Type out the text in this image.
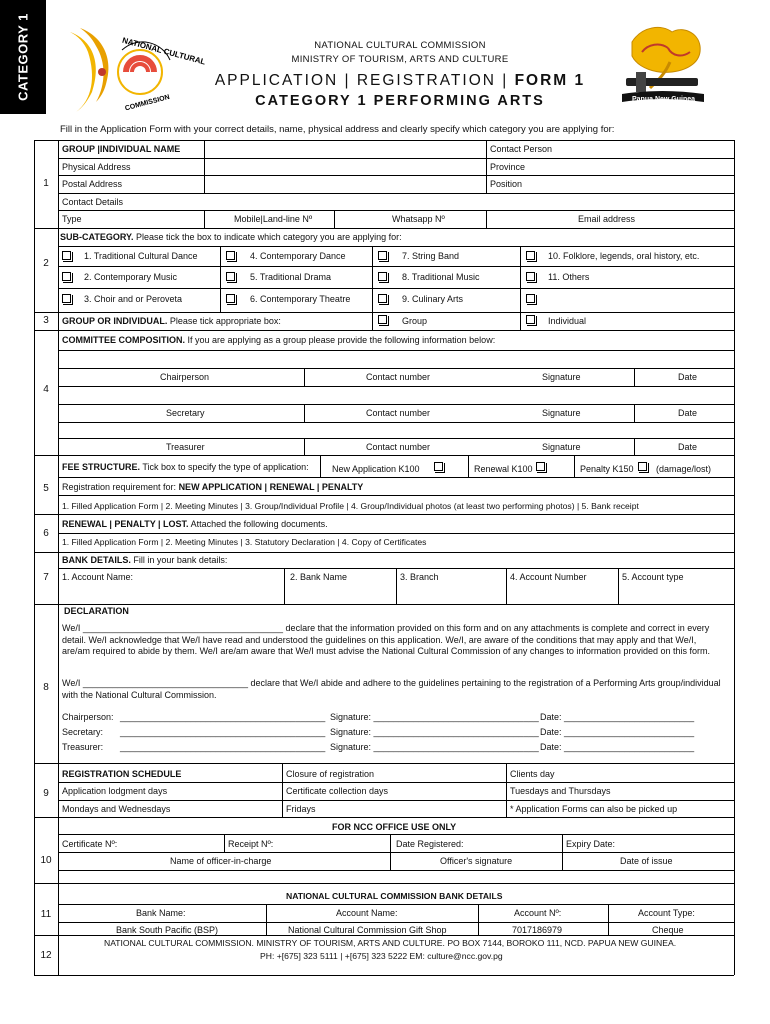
CATEGORY 1	NATIONAL CULTURAL
COMMISSION	Papua New Guinea
NATIONAL CULTURAL COMMISSION
MINISTRY OF TOURISM, ARTS AND CULTURE
APPLICATION | REGISTRATION | FORM 1
CATEGORY 1 PERFORMING ARTS
Fill in the Application Form with your correct details, name, physical address and clearly specify which category you are applying for:
1
GROUP |INDIVIDUAL NAME	Contact Person
Physical Address	Province
Postal Address	Position
Contact Details
Type	Mobile|Land-line Nº	Whatsapp Nº	Email address
2
SUB-CATEGORY. Please tick the box to indicate which category you are applying for:
1. Traditional Cultural Dance	4. Contemporary Dance	7. String Band	10. Folklore, legends, oral history, etc.
2. Contemporary Music	5. Traditional Drama	8. Traditional Music	11. Others
3. Choir and or Peroveta	6. Contemporary Theatre	9. Culinary Arts
3	GROUP OR INDIVIDUAL. Please tick appropriate box:	Group	Individual
4
COMMITTEE COMPOSITION. If you are applying as a group please provide the following information below:
Chairperson	Contact number	Signature	Date
Secretary	Contact number	Signature	Date
Treasurer	Contact number	Signature	Date
5
FEE STRUCTURE. Tick box to specify the type of application:	New Application K100	Renewal K100	Penalty K150 (damage/lost)
Registration requirement for: NEW APPLICATION | RENEWAL | PENALTY
1. Filled Application Form | 2. Meeting Minutes | 3. Group/Individual Profile | 4. Group/Individual photos (at least two performing photos) | 5. Bank receipt
6
RENEWAL | PENALTY | LOST. Attached the following documents.
1. Filled Application Form | 2. Meeting Minutes | 3. Statutory Declaration | 4. Copy of Certificates
7
BANK DETAILS. Fill in your bank details:
1. Account Name:	2. Bank Name	3. Branch	4. Account Number	5. Account type
8
DECLARATION
We/I ________________________________________ declare that the information provided on this form and on any attachments is complete and correct in every detail. We/I acknowledge that We/I have read and understood the guidelines on this application. We/I, are aware of the conditions that may apply and that We/I, are/am required to abide by them. We/I are/am aware that We/I must advise the National Cultural Commission of any changes to information provided on this form.
We/I _________________________________ declare that We/I abide and adhere to the guidelines pertaining to the registration of a Performing Arts group/individual with the National Cultural Commission.
Chairperson: _________________________________________ Signature: _________________________________ Date: __________________________
Secretary: _________________________________________ Signature: _________________________________ Date: __________________________
Treasurer: _________________________________________ Signature: _________________________________ Date: __________________________
9
REGISTRATION SCHEDULE	Closure of registration	Clients day
Application lodgment days	Certificate collection days	Tuesdays and Thursdays
Mondays and Wednesdays	Fridays	* Application Forms can also be picked up
10
FOR NCC OFFICE USE ONLY
Certificate Nº:	Receipt Nº:	Date Registered:	Expiry Date:
Name of officer-in-charge	Officer's signature	Date of issue
11
NATIONAL CULTURAL COMMISSION BANK DETAILS
Bank Name:	Account Name:	Account Nº:	Account Type:
Bank South Pacific (BSP)	National Cultural Commission Gift Shop	7017186979	Cheque
12
NATIONAL CULTURAL COMMISSION. MINISTRY OF TOURISM, ARTS AND CULTURE. PO BOX 7144, BOROKO 111, NCD. PAPUA NEW GUINEA.
PH: +[675] 323 5111 | +[675] 323 5222 EM: culture@ncc.gov.pg
